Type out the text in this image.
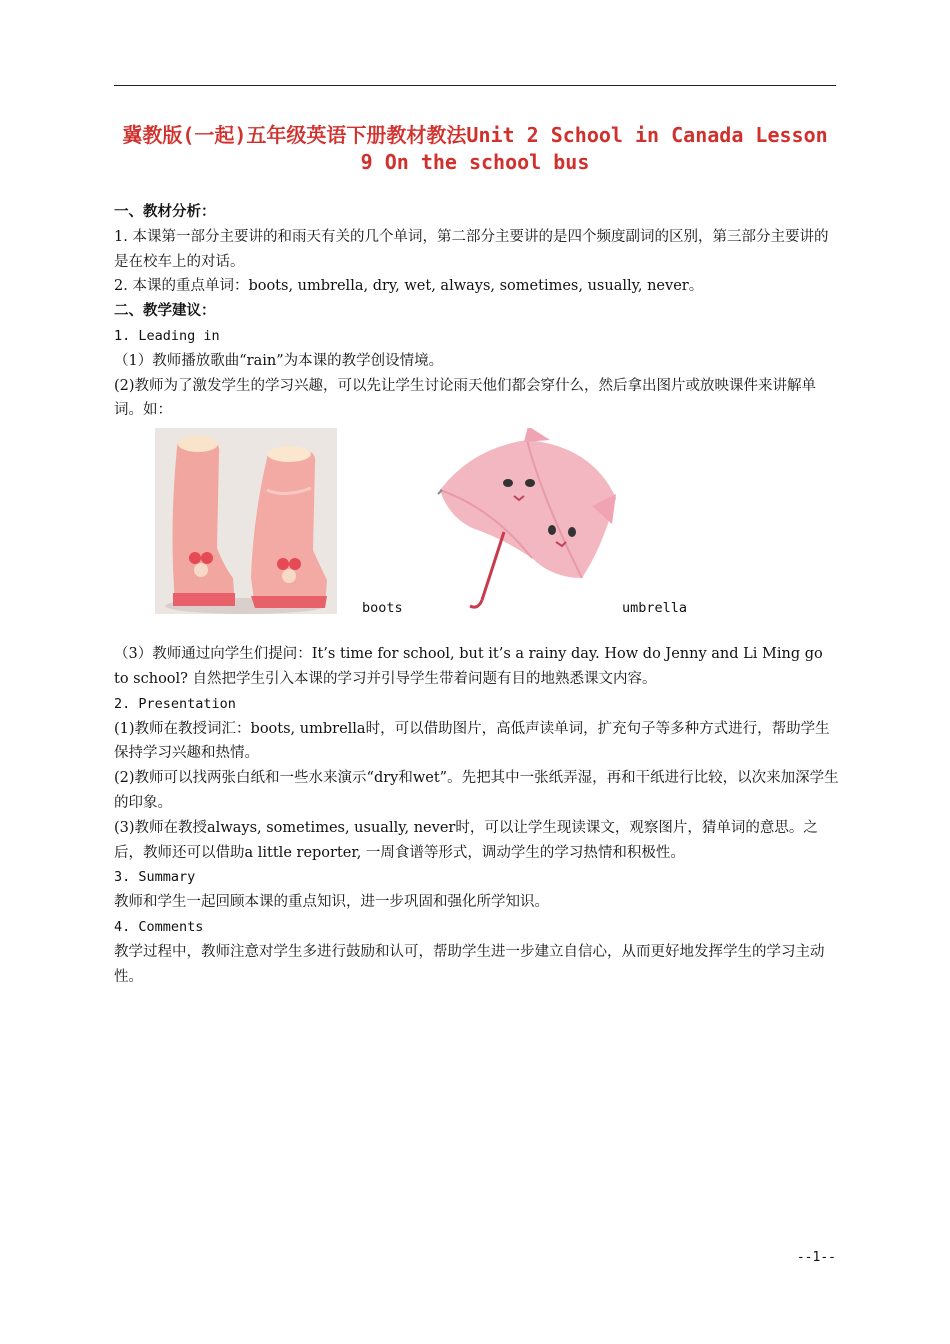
冀教版(一起)五年级英语下册教材教法Unit 2 School in Canada Lesson 9 On the school bus

一、教材分析：

1. 本课第一部分主要讲的和雨天有关的几个单词，第二部分主要讲的是四个频度副词的区别，第三部分主要讲的是在校车上的对话。

2. 本课的重点单词：boots, umbrella, dry, wet, always, sometimes, usually, never。

二、教学建议：

1. Leading in

（1）教师播放歌曲“rain”为本课的教学创设情境。

(2)教师为了激发学生的学习兴趣，可以先让学生讨论雨天他们都会穿什么，然后拿出图片或放映课件来讲解单词。如：

boots	umbrella

（3）教师通过向学生们提问：It’s time for school, but it’s a rainy day. How do Jenny and Li Ming go to school? 自然把学生引入本课的学习并引导学生带着问题有目的地熟悉课文内容。

2. Presentation

(1)教师在教授词汇：boots, umbrella时，可以借助图片，高低声读单词，扩充句子等多种方式进行，帮助学生保持学习兴趣和热情。

(2)教师可以找两张白纸和一些水来演示“dry和wet”。先把其中一张纸弄湿，再和干纸进行比较，以次来加深学生的印象。

(3)教师在教授always, sometimes, usually, never时，可以让学生现读课文，观察图片，猜单词的意思。之后，教师还可以借助a little reporter, 一周食谱等形式，调动学生的学习热情和积极性。

3. Summary

教师和学生一起回顾本课的重点知识，进一步巩固和强化所学知识。

4. Comments

教学过程中，教师注意对学生多进行鼓励和认可，帮助学生进一步建立自信心，从而更好地发挥学生的学习主动性。

--1--
